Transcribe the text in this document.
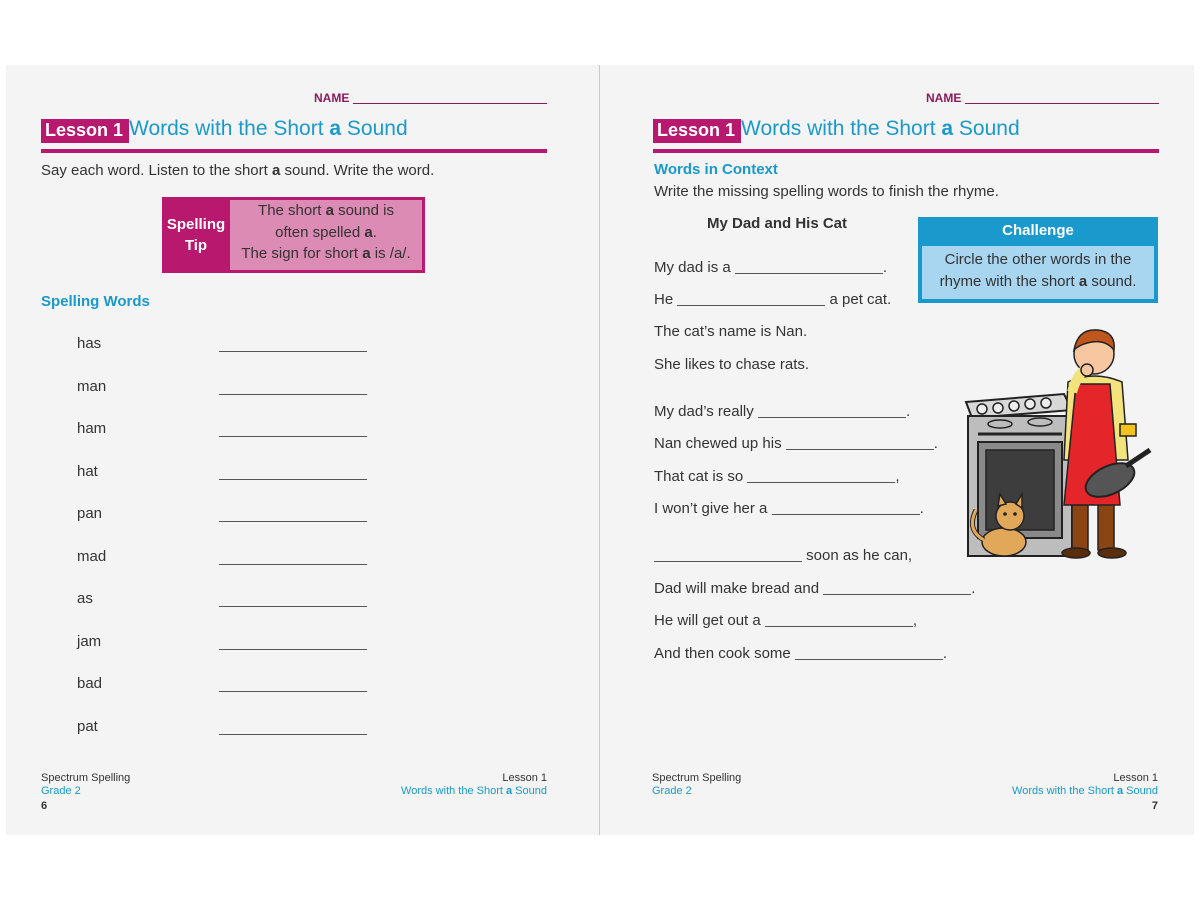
NAME
Lesson 1 Words with the Short a Sound
Say each word. Listen to the short a sound. Write the word.
Spelling
Tip
The short a sound is
often spelled a.
The sign for short a is /a/.
Spelling Words
has
man
ham
hat
pan
mad
as
jam
bad
pat
Spectrum Spelling
Grade 2
6
Lesson 1
Words with the Short a Sound
NAME
Lesson 1 Words with the Short a Sound
Words in Context
Write the missing spelling words to finish the rhyme.
My Dad and His Cat	Challenge
Circle the other words in the
rhyme with the short a sound.
My dad is a	.
He	a pet cat.
The cat’s name is Nan.
She likes to chase rats.
My dad’s really	.
Nan chewed up his	.
That cat is so	,
I won’t give her a	.
soon as he can,
Dad will make bread and	.
He will get out a	,
And then cook some	.
Spectrum Spelling
Grade 2
Lesson 1
Words with the Short a Sound
7
